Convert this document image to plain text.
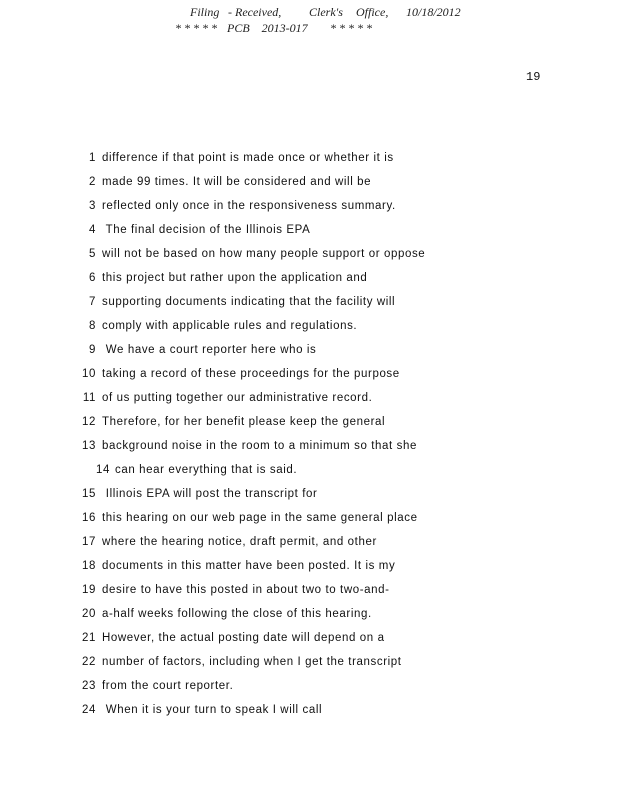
Filing - Received, Clerk's Office, 10/18/2012
* * * * * PCB    2013-017 * * * * *
19
1 difference if that point is made once or whether it is
2 made 99 times. It will be considered and will be
3 reflected only once in the responsiveness summary.
4 The final decision of the Illinois EPA
5 will not be based on how many people support or oppose
6 this project but rather upon the application and
7 supporting documents indicating that the facility will
8 comply with applicable rules and regulations.
9 We have a court reporter here who is
10 taking a record of these proceedings for the purpose
11 of us putting together our administrative record.
12 Therefore, for her benefit please keep the general
13 background noise in the room to a minimum so that she
14 can hear everything that is said.
15 Illinois EPA will post the transcript for
16 this hearing on our web page in the same general place
17 where the hearing notice, draft permit, and other
18 documents in this matter have been posted. It is my
19 desire to have this posted in about two to two-and-
20 a-half weeks following the close of this hearing.
21 However, the actual posting date will depend on a
22 number of factors, including when I get the transcript
23 from the court reporter.
24 When it is your turn to speak I will call
